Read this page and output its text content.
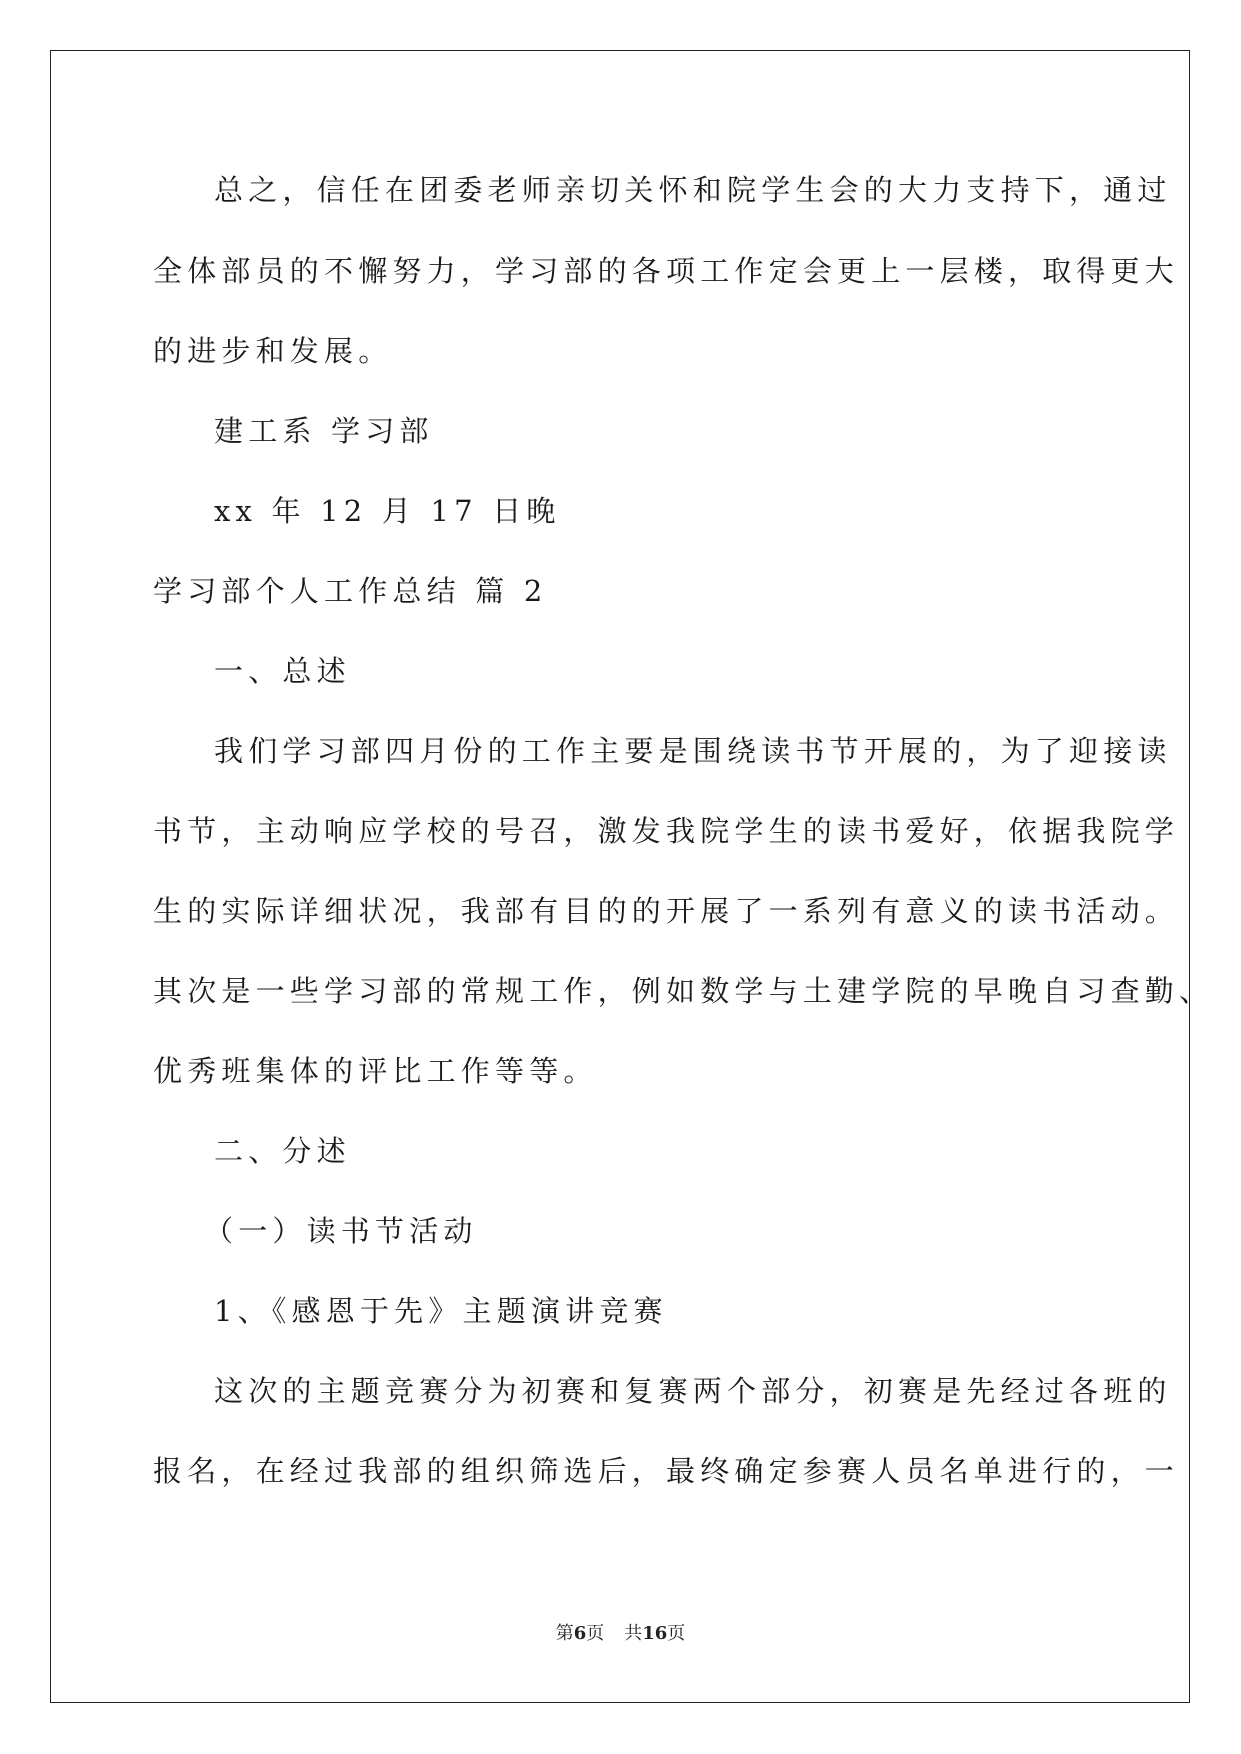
总之，信任在团委老师亲切关怀和院学生会的大力支持下，通过
全体部员的不懈努力，学习部的各项工作定会更上一层楼，取得更大
的进步和发展。
建工系 学习部
xx 年 12 月 17 日晚
学习部个人工作总结 篇 2
一、总述
我们学习部四月份的工作主要是围绕读书节开展的，为了迎接读
书节，主动响应学校的号召，激发我院学生的读书爱好，依据我院学
生的实际详细状况，我部有目的的开展了一系列有意义的读书活动。
其次是一些学习部的常规工作，例如数学与土建学院的早晚自习查勤、
优秀班集体的评比工作等等。
二、分述
（一）读书节活动
1、《感恩于先》主题演讲竞赛
这次的主题竞赛分为初赛和复赛两个部分，初赛是先经过各班的
报名，在经过我部的组织筛选后，最终确定参赛人员名单进行的，一
第6页 共16页
